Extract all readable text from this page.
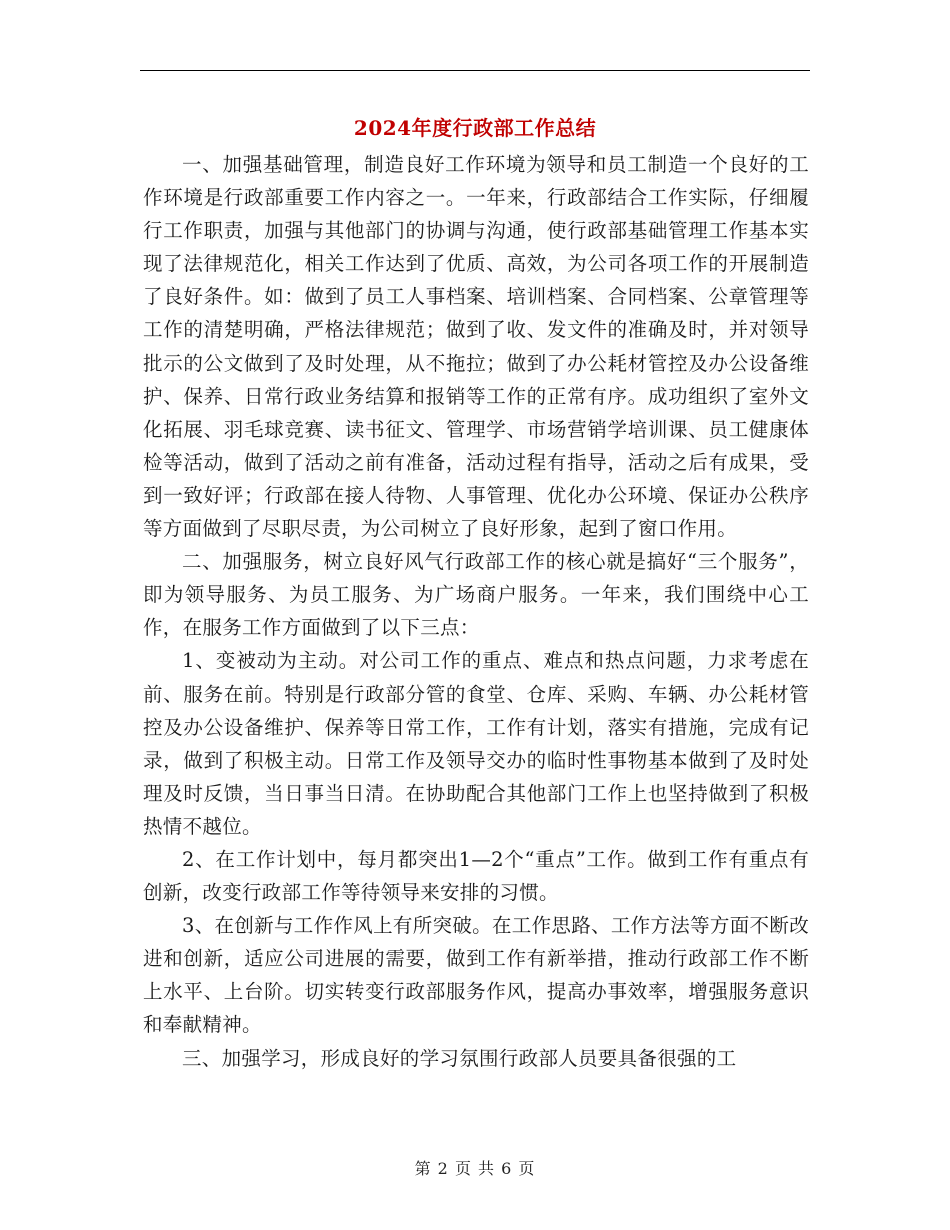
2024年度行政部工作总结

一、加强基础管理，制造良好工作环境为领导和员工制造一个良好的工作环境是行政部重要工作内容之一。一年来，行政部结合工作实际，仔细履行工作职责，加强与其他部门的协调与沟通，使行政部基础管理工作基本实现了法律规范化，相关工作达到了优质、高效，为公司各项工作的开展制造了良好条件。如：做到了员工人事档案、培训档案、合同档案、公章管理等工作的清楚明确，严格法律规范；做到了收、发文件的准确及时，并对领导批示的公文做到了及时处理，从不拖拉；做到了办公耗材管控及办公设备维护、保养、日常行政业务结算和报销等工作的正常有序。成功组织了室外文化拓展、羽毛球竞赛、读书征文、管理学、市场营销学培训课、员工健康体检等活动，做到了活动之前有准备，活动过程有指导，活动之后有成果，受到一致好评；行政部在接人待物、人事管理、优化办公环境、保证办公秩序等方面做到了尽职尽责，为公司树立了良好形象，起到了窗口作用。

二、加强服务，树立良好风气行政部工作的核心就是搞好“三个服务”，即为领导服务、为员工服务、为广场商户服务。一年来，我们围绕中心工作，在服务工作方面做到了以下三点：

1、变被动为主动。对公司工作的重点、难点和热点问题，力求考虑在前、服务在前。特别是行政部分管的食堂、仓库、采购、车辆、办公耗材管控及办公设备维护、保养等日常工作，工作有计划，落实有措施，完成有记录，做到了积极主动。日常工作及领导交办的临时性事物基本做到了及时处理及时反馈，当日事当日清。在协助配合其他部门工作上也坚持做到了积极热情不越位。

2、在工作计划中，每月都突出1—2个“重点”工作。做到工作有重点有创新，改变行政部工作等待领导来安排的习惯。

3、在创新与工作作风上有所突破。在工作思路、工作方法等方面不断改进和创新，适应公司进展的需要，做到工作有新举措，推动行政部工作不断上水平、上台阶。切实转变行政部服务作风，提高办事效率，增强服务意识和奉献精神。

三、加强学习，形成良好的学习氛围行政部人员要具备很强的工

第 2 页 共 6 页
